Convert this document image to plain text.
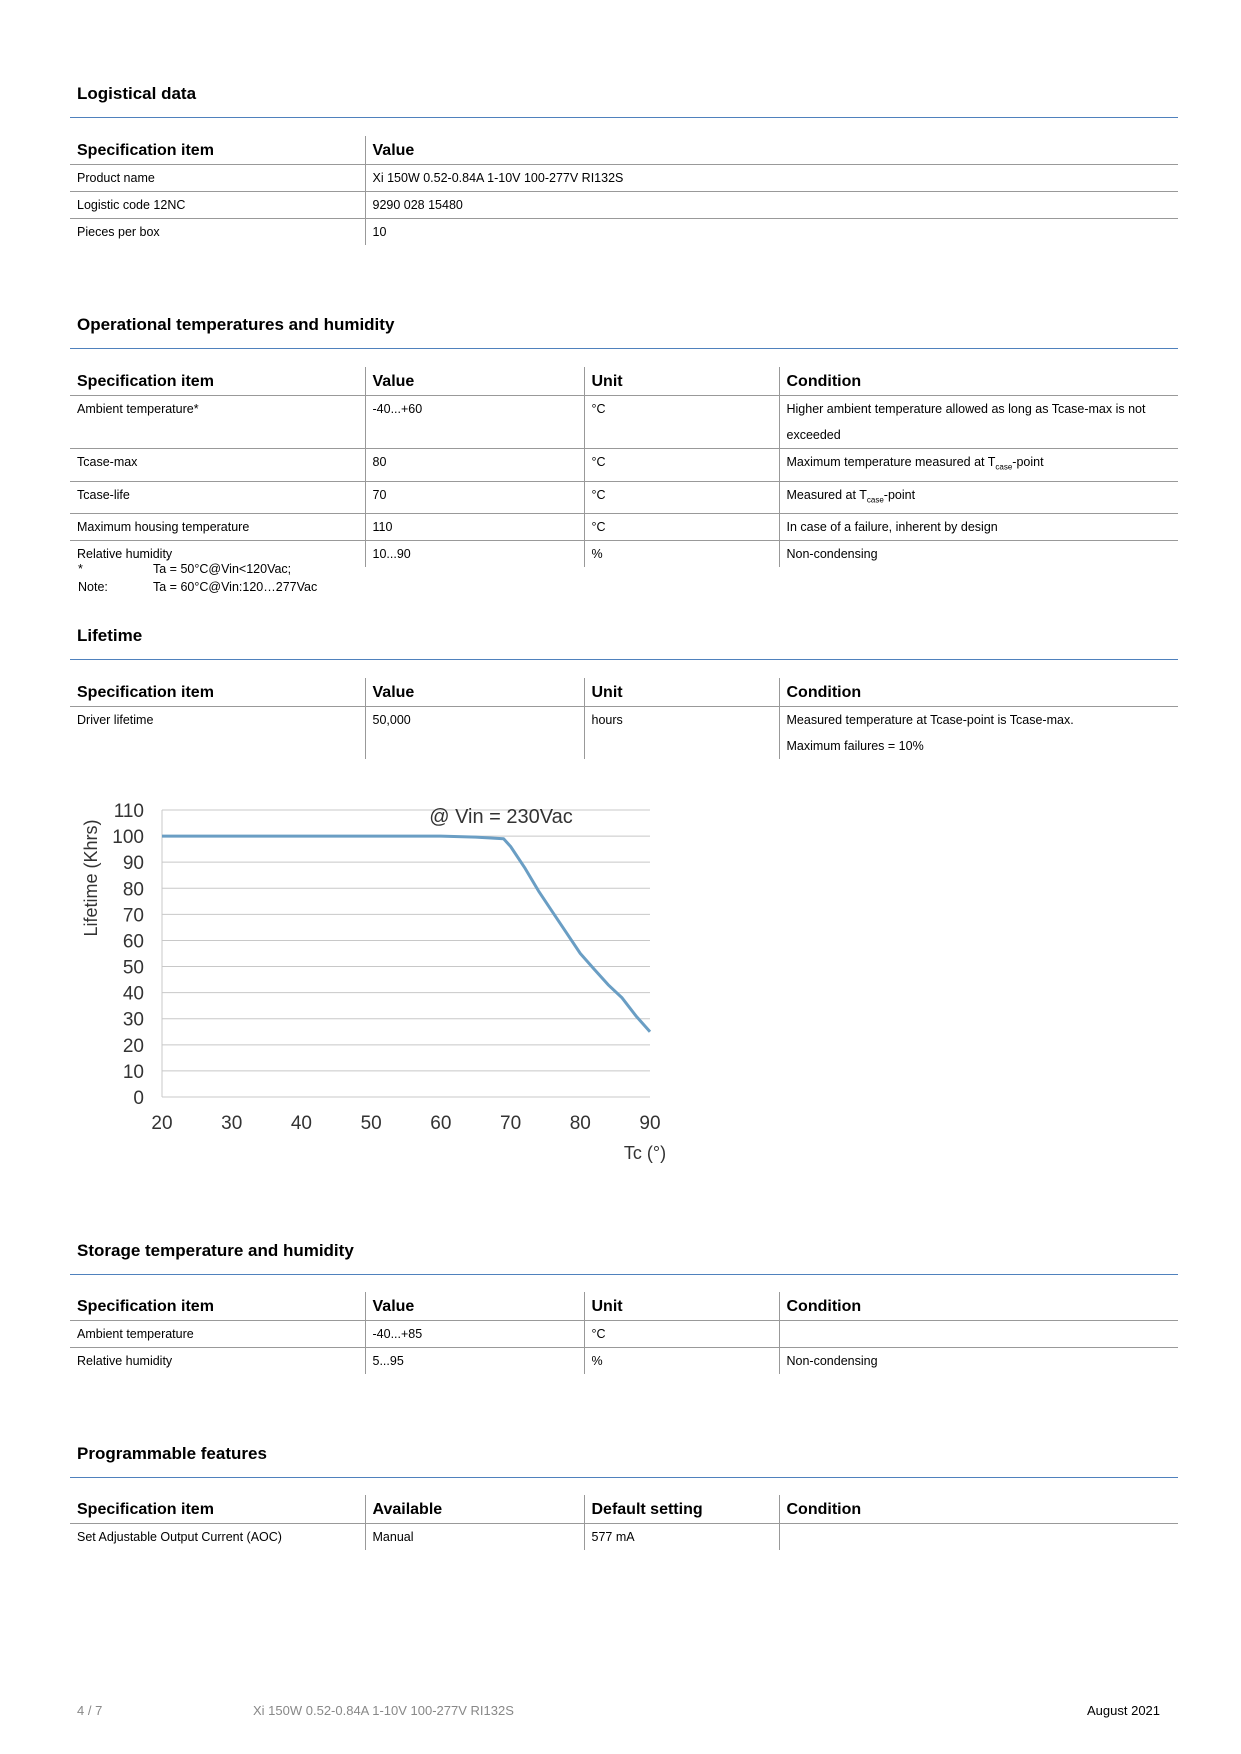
Logistical data
Specification item	Value
Product name	Xi 150W 0.52-0.84A 1-10V 100-277V RI132S
Logistic code 12NC	9290 028 15480
Pieces per box	10
Operational temperatures and humidity
Specification item	Value	Unit	Condition
Ambient temperature*	-40...+60	°C	Higher ambient temperature allowed as long as Tcase-max is not exceeded
Tcase-max	80	°C	Maximum temperature measured at $T_{case}$-point
Tcase-life	70	°C	Measured at $T_{case}$-point
Maximum housing temperature	110	°C	In case of a failure, inherent by design
Relative humidity	10...90	%	Non-condensing
* Note:
Ta = 50°C@Vin<120Vac;
Ta = 60°C@Vin:120…277Vac
Lifetime
Specification item	Value	Unit	Condition
Driver lifetime	50,000	hours	Measured temperature at Tcase-point is Tcase-max.
Maximum failures = 10%
0
10
20
30
40
50
60
70
80
90
100
110
20	30	40	50	60	70	80	90
@ Vin = 230Vac
Lifetime (Khrs)
Tc (°)
Storage temperature and humidity
Specification item	Value	Unit	Condition
Ambient temperature	-40...+85	°C	
Relative humidity	5...95	%	Non-condensing
Programmable features
Specification item	Available	Default setting	Condition
Set Adjustable Output Current (AOC)	Manual	577 mA	
4 / 7	Xi 150W 0.52-0.84A 1-10V 100-277V RI132S	August 2021
